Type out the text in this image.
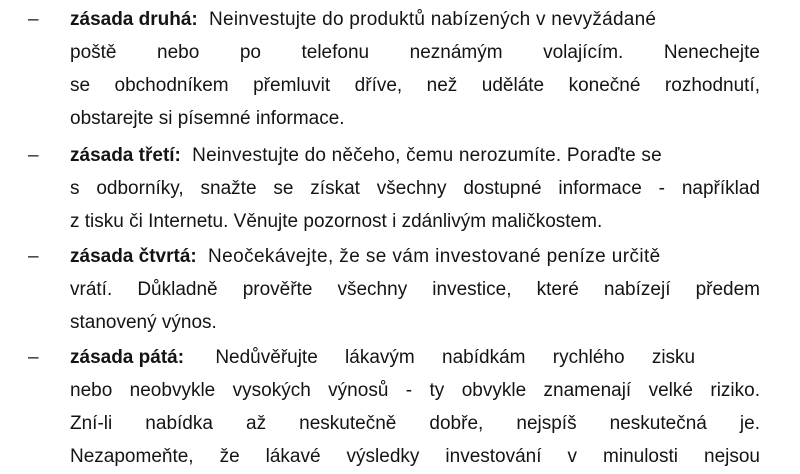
– zásada druhá: Neinvestujte do produktů nabízených v nevyžádané
poště nebo po telefonu neznámým volajícím. Nenechejte
se obchodníkem přemluvit dříve, než uděláte konečné rozhodnutí,
obstarejte si písemné informace.
– zásada třetí: Neinvestujte do něčeho, čemu nerozumíte. Poraďte se
s odborníky, snažte se získat všechny dostupné informace - například
z tisku či Internetu. Věnujte pozornost i zdánlivým maličkostem.
– zásada čtvrtá: Neočekávejte, že se vám investované peníze určitě
vrátí. Důkladně prověřte všechny investice, které nabízejí předem
stanovený výnos.
– zásada pátá: Nedůvěřujte lákavým nabídkám rychlého zisku
nebo neobvykle vysokých výnosů - ty obvykle znamenají velké riziko.
Zní-li nabídka až neskutečně dobře, nejspíš neskutečná je.
Nezapomeňte, že lákavé výsledky investování v minulosti nejsou
